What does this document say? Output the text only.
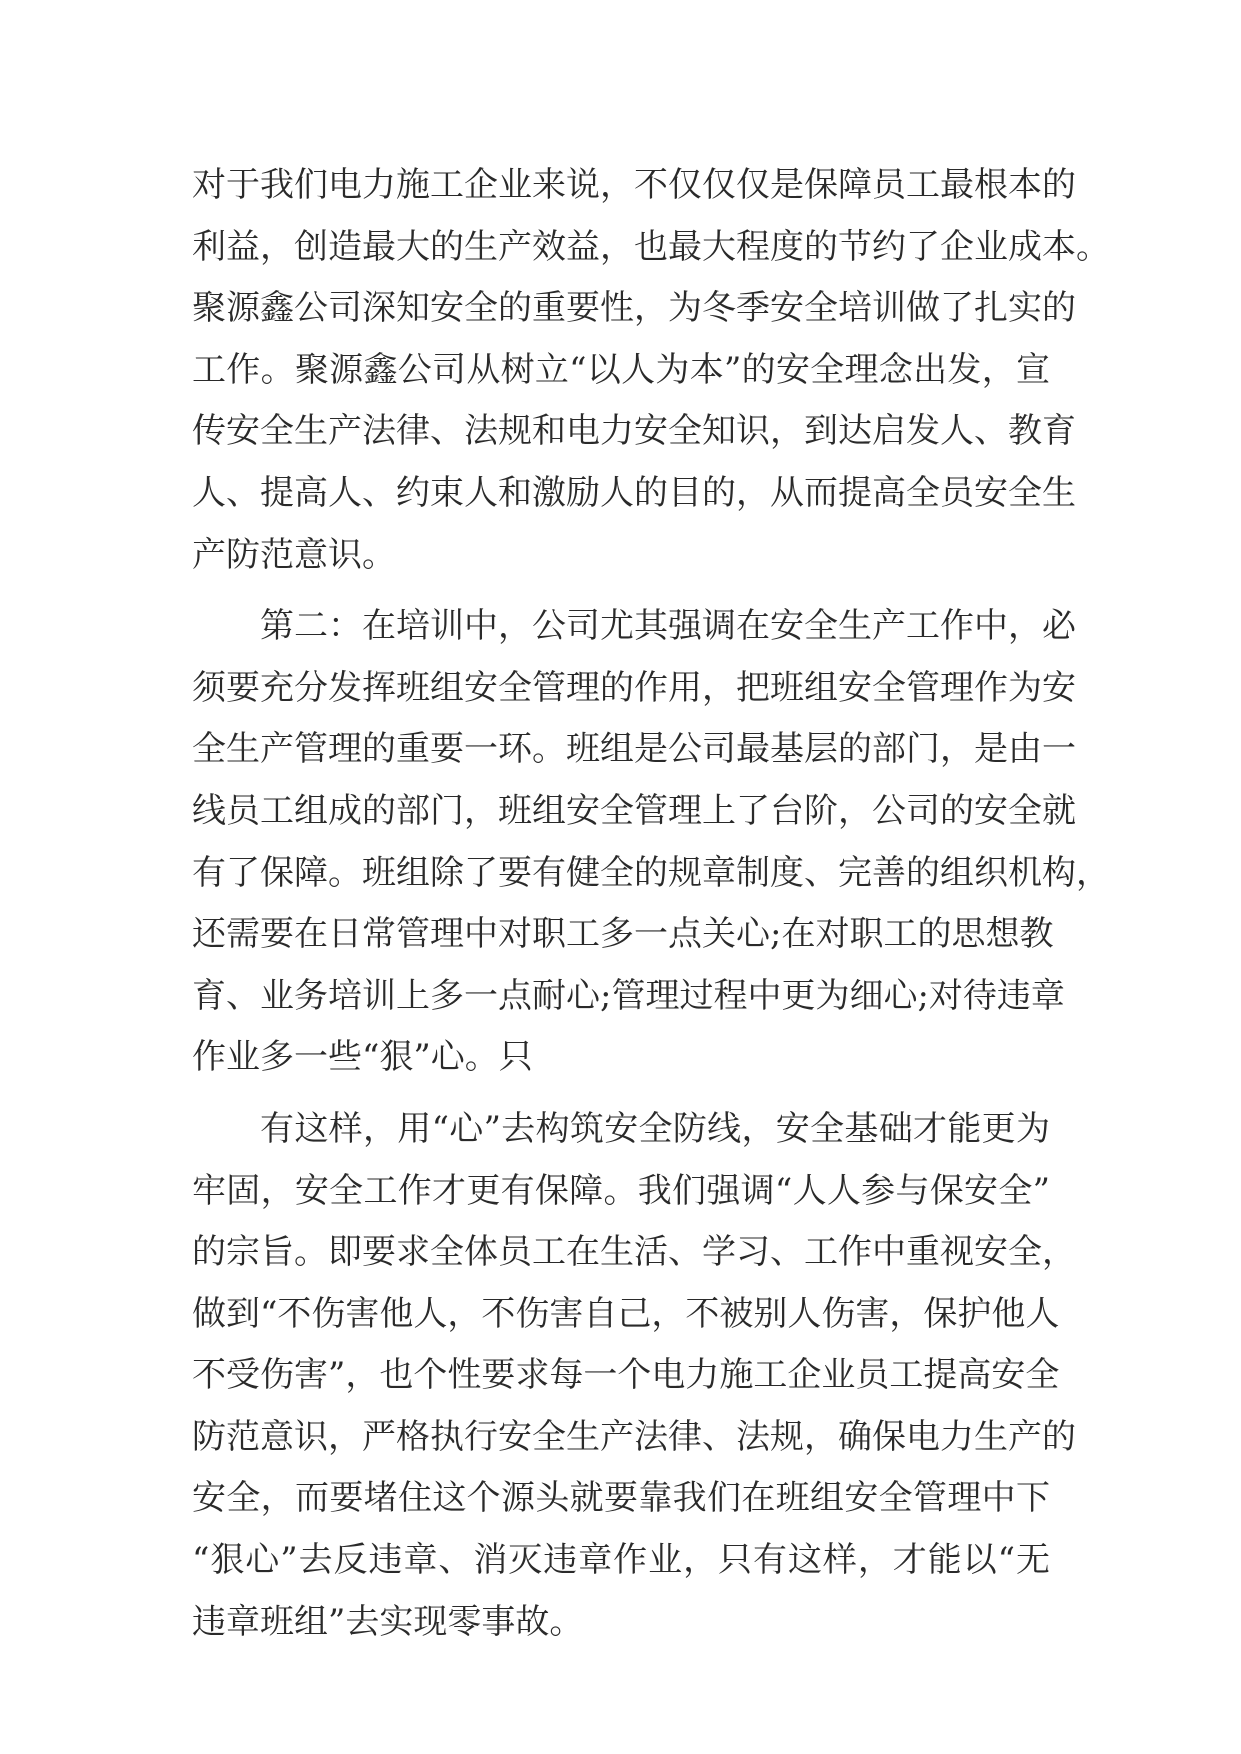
对于我们电力施工企业来说，不仅仅仅是保障员工最根本的
利益，创造最大的生产效益，也最大程度的节约了企业成本。
聚源鑫公司深知安全的重要性，为冬季安全培训做了扎实的
工作。聚源鑫公司从树立“以人为本”的安全理念出发，宣
传安全生产法律、法规和电力安全知识，到达启发人、教育
人、提高人、约束人和激励人的目的，从而提高全员安全生
产防范意识。
第二：在培训中，公司尤其强调在安全生产工作中，必
须要充分发挥班组安全管理的作用，把班组安全管理作为安
全生产管理的重要一环。班组是公司最基层的部门，是由一
线员工组成的部门，班组安全管理上了台阶，公司的安全就
有了保障。班组除了要有健全的规章制度、完善的组织机构，
还需要在日常管理中对职工多一点关心;在对职工的思想教
育、业务培训上多一点耐心;管理过程中更为细心;对待违章
作业多一些“狠”心。只
有这样，用“心”去构筑安全防线，安全基础才能更为
牢固，安全工作才更有保障。我们强调“人人参与保安全”
的宗旨。即要求全体员工在生活、学习、工作中重视安全，
做到“不伤害他人，不伤害自己，不被别人伤害，保护他人
不受伤害”，也个性要求每一个电力施工企业员工提高安全
防范意识，严格执行安全生产法律、法规，确保电力生产的
安全，而要堵住这个源头就要靠我们在班组安全管理中下
“狠心”去反违章、消灭违章作业，只有这样，才能以“无
违章班组”去实现零事故。
